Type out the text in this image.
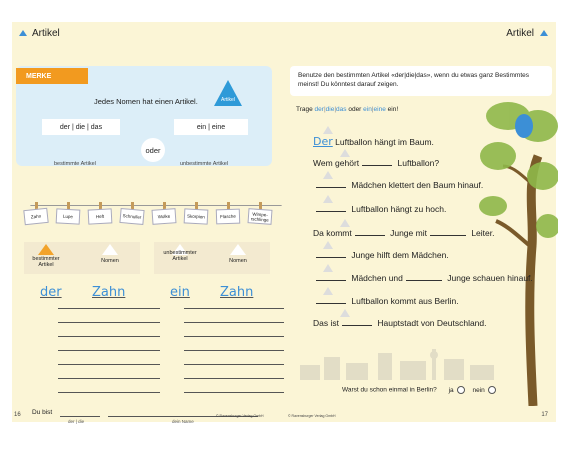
Artikel
MERKE
Jedes Nomen hat einen Artikel.	Artikel
der | die | das
oder
ein | eine
bestimmte Artikel	unbestimmte Artikel
Zahn	Lupe	Heft	Schnuller	Wolke	Skorpion	Flasche	Wimperschlinge
bestimmter Artikel
Nomen
unbestimmter Artikel	Nomen
der Zahn	ein Zahn
Du bist
der | die	dein Name
16	© Ravensburger Verlag GmbH
Artikel
17
© Ravensburger Verlag GmbH
Benutze den bestimmten Artikel «der|die|das», wenn du etwas ganz Bestimmtes meinst! Du könntest darauf zeigen.
Trage der|die|das oder ein|eine ein!
Der Luftballon hängt im Baum.
Wem gehört	Luftballon?
Mädchen klettert den Baum hinauf.
Luftballon hängt zu hoch.
Da kommt	Junge mit	Leiter.
Junge hilft dem Mädchen.
Mädchen und	Junge schauen hinauf.
Luftballon kommt aus Berlin.
Das ist	Hauptstadt von Deutschland.
Warst du schon einmal in Berlin? ja	nein
